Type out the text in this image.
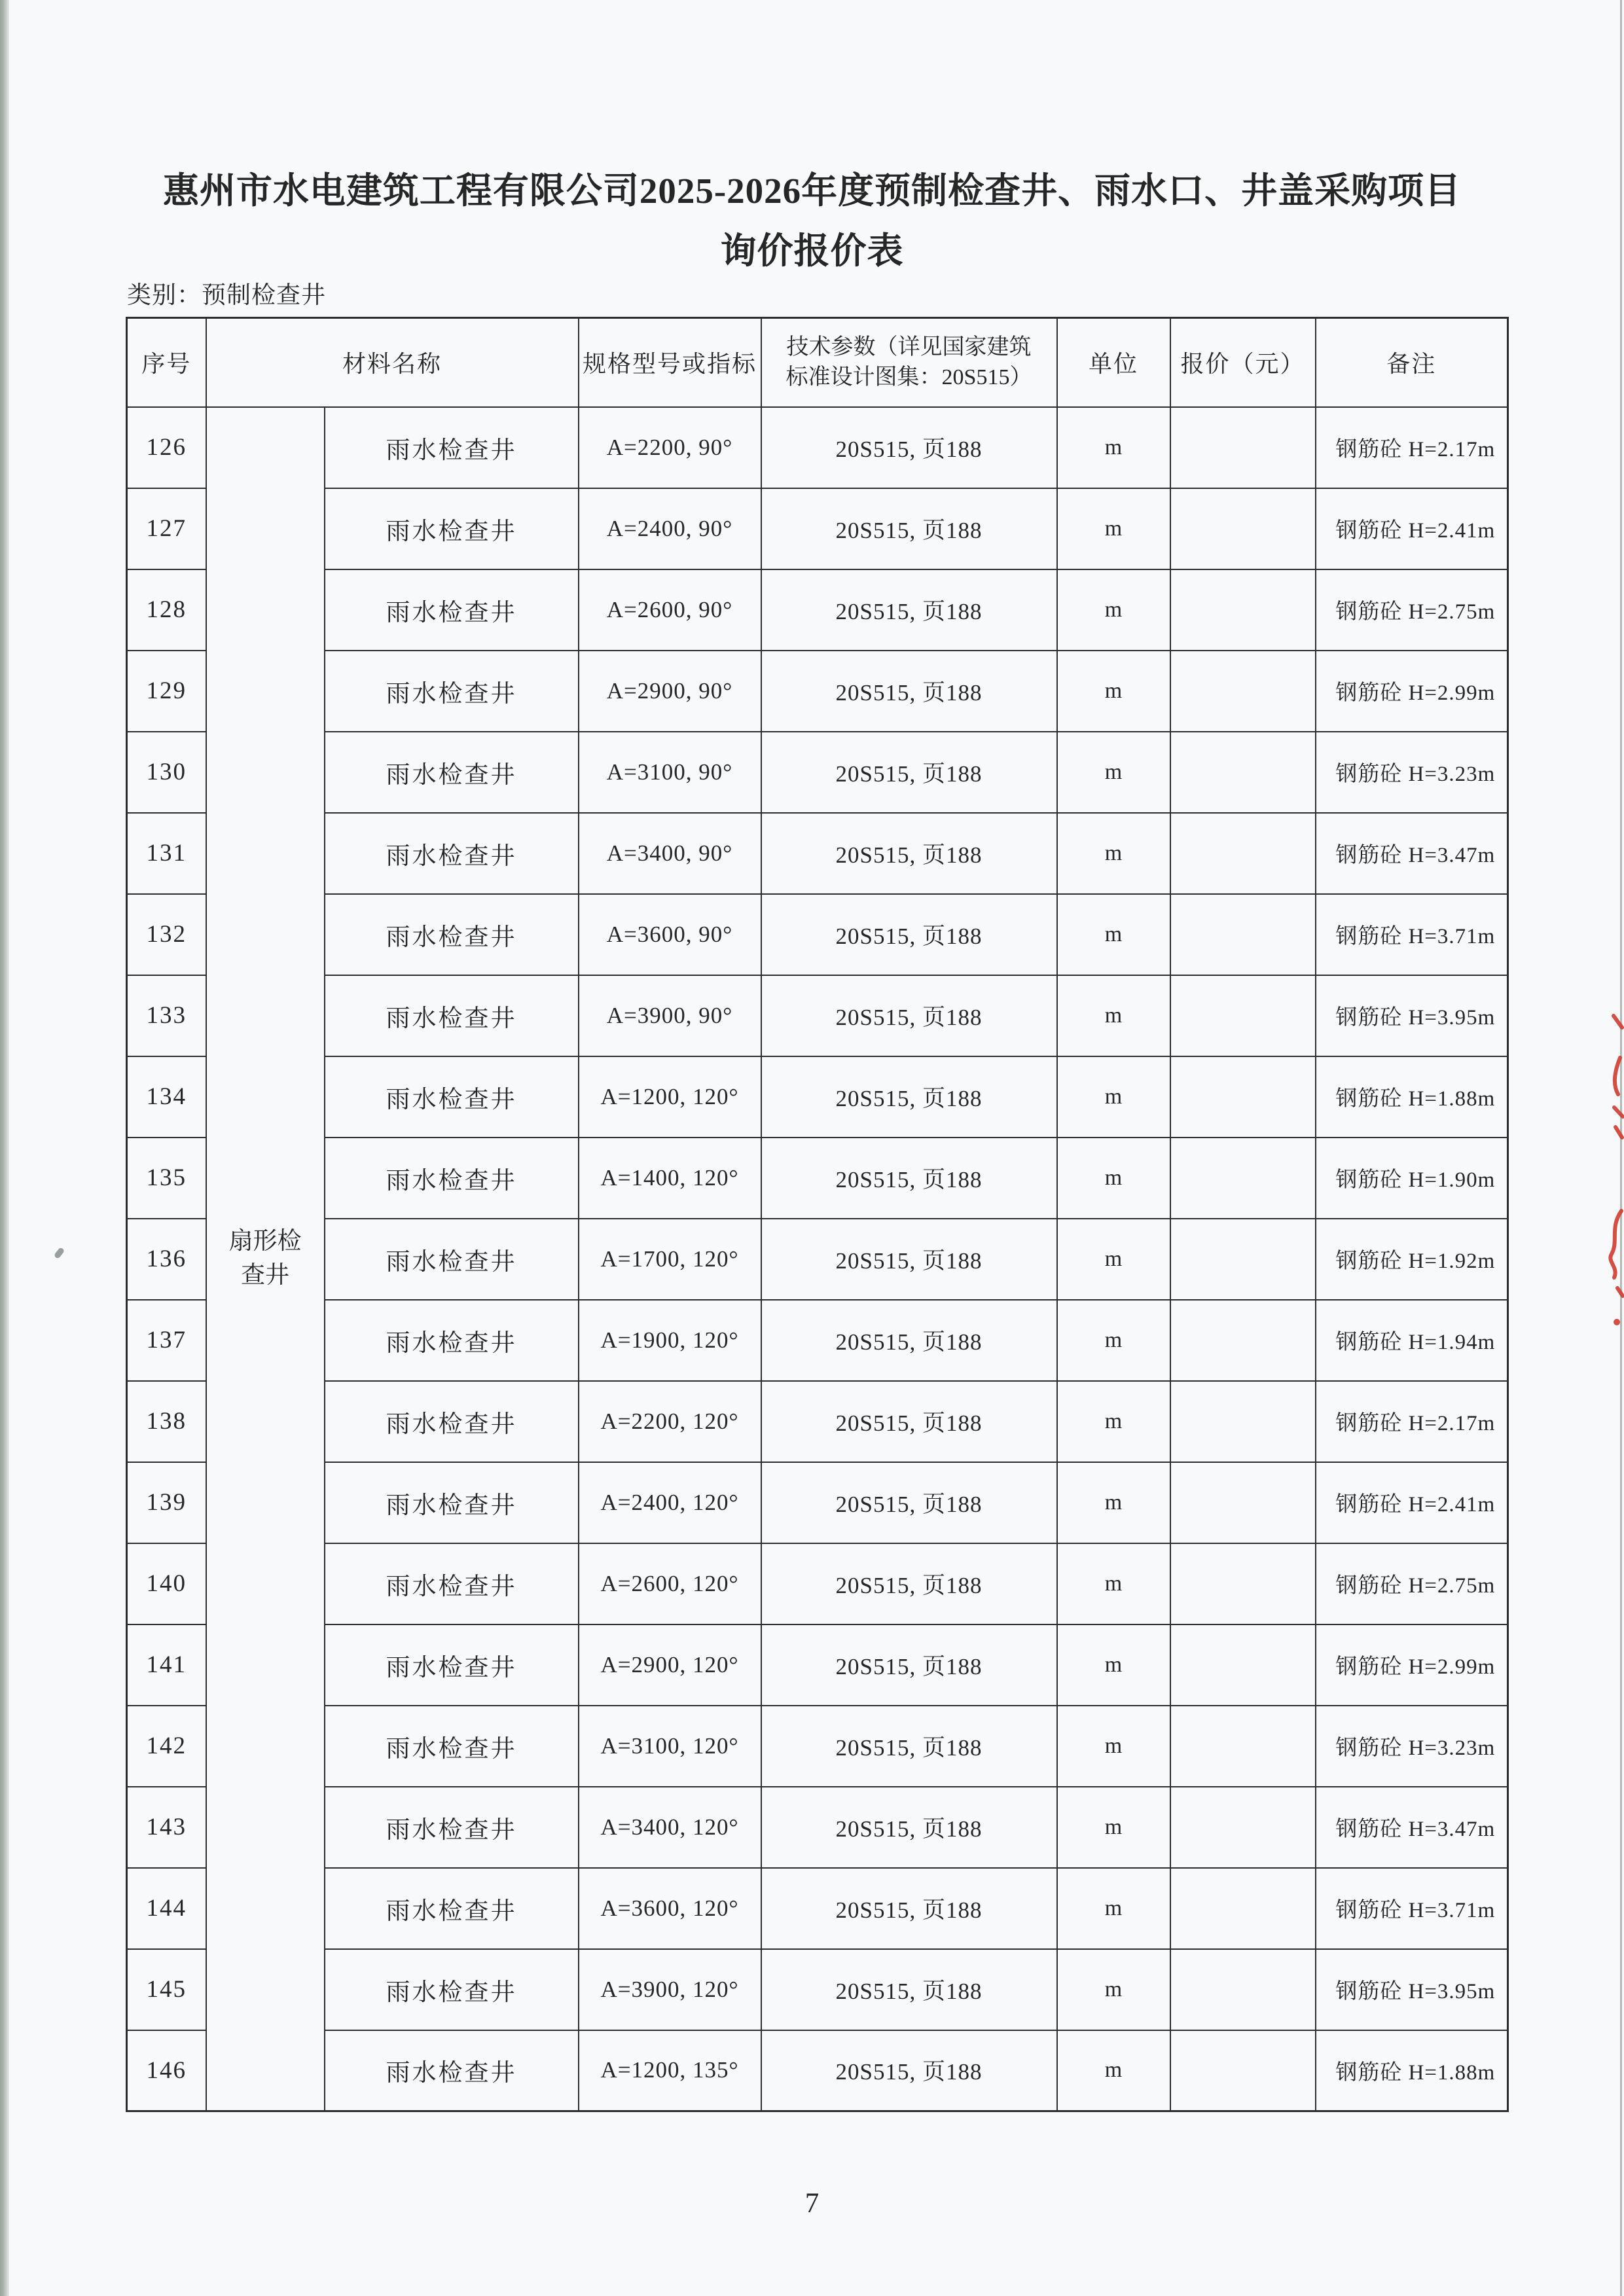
惠州市水电建筑工程有限公司2025-2026年度预制检查井、雨水口、井盖采购项目
询价报价表
类别：预制检查井
序号	材料名称		规格型号或指标	技术参数（详见国家建筑
标准设计图集：20S515）	单位	报价（元）	备注
126	扇形检查井	雨水检查井	A=2200, 90°	20S515, 页188	m		钢筋砼 H=2.17m
127		雨水检查井	A=2400, 90°	20S515, 页188	m		钢筋砼 H=2.41m
128		雨水检查井	A=2600, 90°	20S515, 页188	m		钢筋砼 H=2.75m
129		雨水检查井	A=2900, 90°	20S515, 页188	m		钢筋砼 H=2.99m
130		雨水检查井	A=3100, 90°	20S515, 页188	m		钢筋砼 H=3.23m
131		雨水检查井	A=3400, 90°	20S515, 页188	m		钢筋砼 H=3.47m
132		雨水检查井	A=3600, 90°	20S515, 页188	m		钢筋砼 H=3.71m
133		雨水检查井	A=3900, 90°	20S515, 页188	m		钢筋砼 H=3.95m
134		雨水检查井	A=1200, 120°	20S515, 页188	m		钢筋砼 H=1.88m
135		雨水检查井	A=1400, 120°	20S515, 页188	m		钢筋砼 H=1.90m
136		雨水检查井	A=1700, 120°	20S515, 页188	m		钢筋砼 H=1.92m
137		雨水检查井	A=1900, 120°	20S515, 页188	m		钢筋砼 H=1.94m
138		雨水检查井	A=2200, 120°	20S515, 页188	m		钢筋砼 H=2.17m
139		雨水检查井	A=2400, 120°	20S515, 页188	m		钢筋砼 H=2.41m
140		雨水检查井	A=2600, 120°	20S515, 页188	m		钢筋砼 H=2.75m
141		雨水检查井	A=2900, 120°	20S515, 页188	m		钢筋砼 H=2.99m
142		雨水检查井	A=3100, 120°	20S515, 页188	m		钢筋砼 H=3.23m
143		雨水检查井	A=3400, 120°	20S515, 页188	m		钢筋砼 H=3.47m
144		雨水检查井	A=3600, 120°	20S515, 页188	m		钢筋砼 H=3.71m
145		雨水检查井	A=3900, 120°	20S515, 页188	m		钢筋砼 H=3.95m
146		雨水检查井	A=1200, 135°	20S515, 页188	m		钢筋砼 H=1.88m
7
